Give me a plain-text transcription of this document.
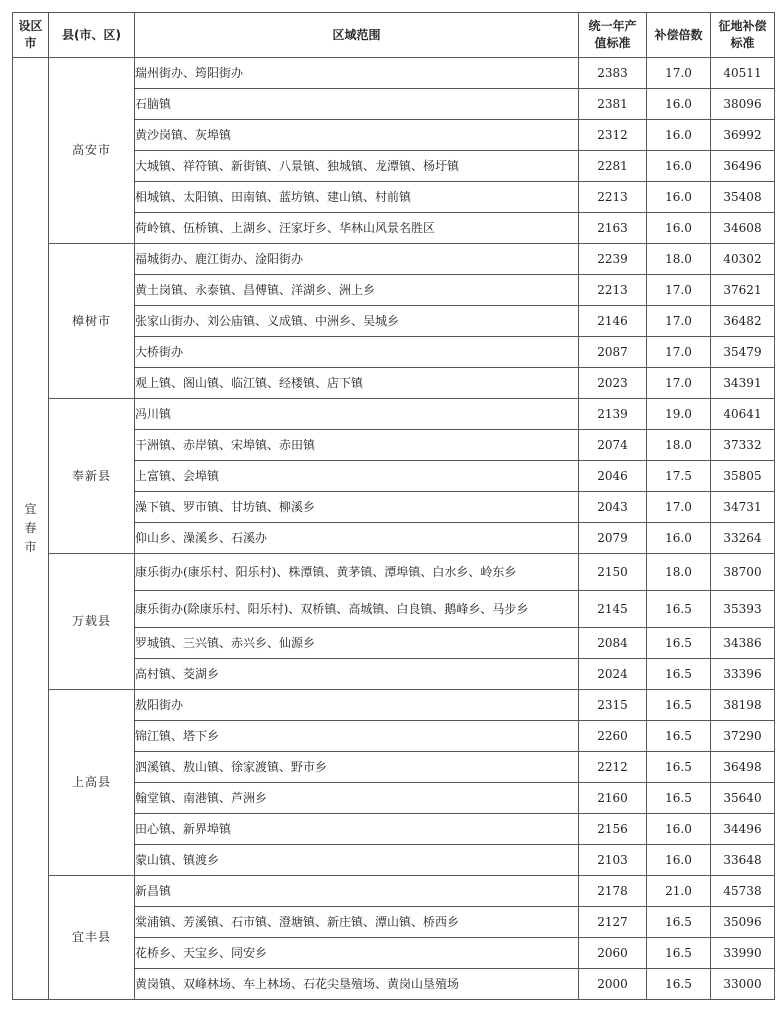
设区市	县(市、区)	区域范围	统一年产值标准	补偿倍数	征地补偿标准
宜春市	高安市	瑞州街办、筠阳街办	2383	17.0	40511
		石脑镇	2381	16.0	38096
		黄沙岗镇、灰埠镇	2312	16.0	36992
		大城镇、祥符镇、新街镇、八景镇、独城镇、龙潭镇、杨圩镇	2281	16.0	36496
		相城镇、太阳镇、田南镇、蓝坊镇、建山镇、村前镇	2213	16.0	35408
		荷岭镇、伍桥镇、上湖乡、汪家圩乡、华林山风景名胜区	2163	16.0	34608
	樟树市	福城街办、鹿江街办、淦阳街办	2239	18.0	40302
		黄土岗镇、永泰镇、昌傅镇、洋湖乡、洲上乡	2213	17.0	37621
		张家山街办、刘公庙镇、义成镇、中洲乡、吴城乡	2146	17.0	36482
		大桥街办	2087	17.0	35479
		观上镇、阁山镇、临江镇、经楼镇、店下镇	2023	17.0	34391
	奉新县	冯川镇	2139	19.0	40641
		干洲镇、赤岸镇、宋埠镇、赤田镇	2074	18.0	37332
		上富镇、会埠镇	2046	17.5	35805
		澡下镇、罗市镇、甘坊镇、柳溪乡	2043	17.0	34731
		仰山乡、澡溪乡、石溪办	2079	16.0	33264
	万载县	康乐街办(康乐村、阳乐村)、株潭镇、黄茅镇、潭埠镇、白水乡、岭东乡	2150	18.0	38700
		康乐街办(除康乐村、阳乐村)、双桥镇、高城镇、白良镇、鹅峰乡、马步乡	2145	16.5	35393
		罗城镇、三兴镇、赤兴乡、仙源乡	2084	16.5	34386
		高村镇、茭湖乡	2024	16.5	33396
	上高县	敖阳街办	2315	16.5	38198
		锦江镇、塔下乡	2260	16.5	37290
		泗溪镇、敖山镇、徐家渡镇、野市乡	2212	16.5	36498
		翰堂镇、南港镇、芦洲乡	2160	16.5	35640
		田心镇、新界埠镇	2156	16.0	34496
		蒙山镇、镇渡乡	2103	16.0	33648
	宜丰县	新昌镇	2178	21.0	45738
		棠浦镇、芳溪镇、石市镇、澄塘镇、新庄镇、潭山镇、桥西乡	2127	16.5	35096
		花桥乡、天宝乡、同安乡	2060	16.5	33990
		黄岗镇、双峰林场、车上林场、石花尖垦殖场、黄岗山垦殖场	2000	16.5	33000
